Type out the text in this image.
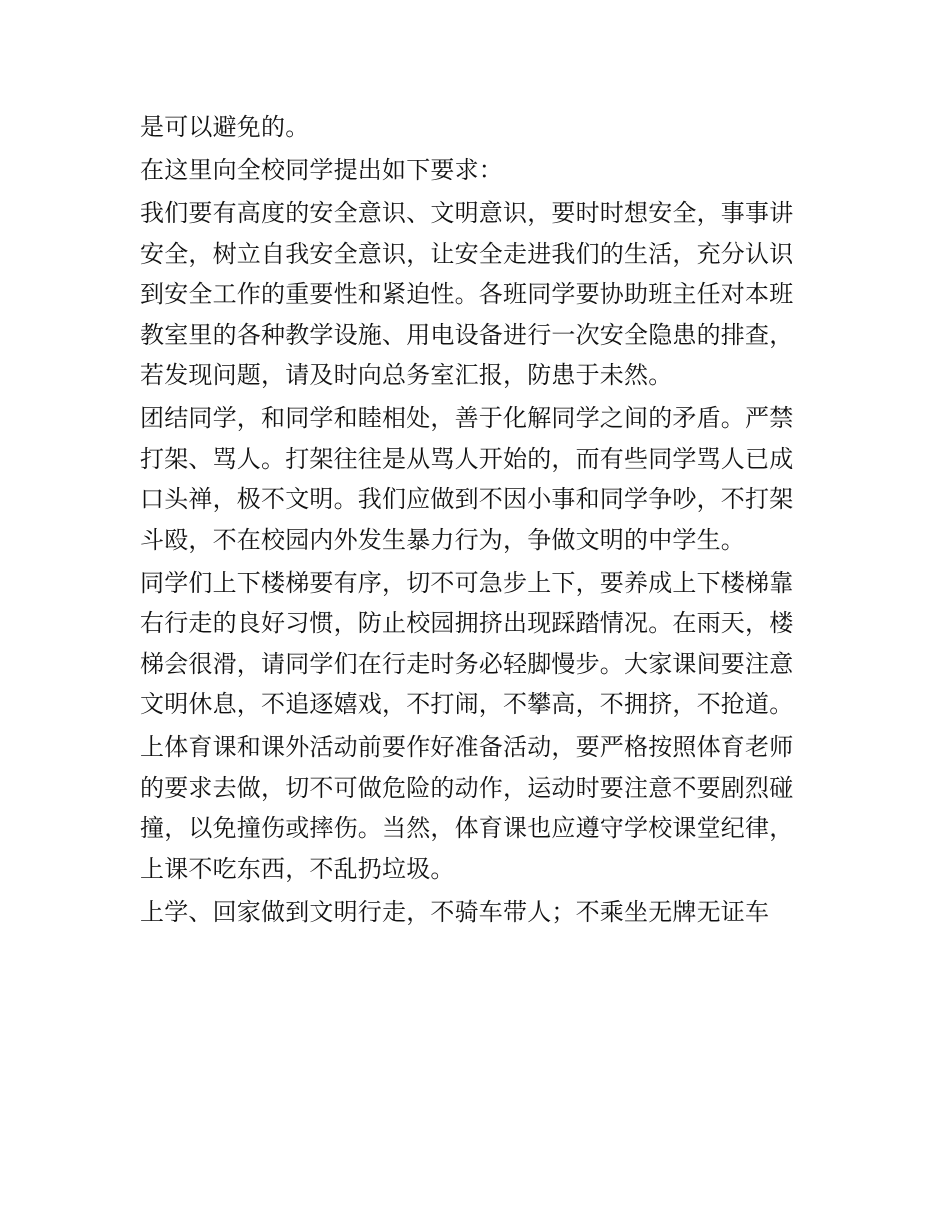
是可以避免的。

在这里向全校同学提出如下要求：

我们要有高度的安全意识、文明意识，要时时想安全，事事讲

安全，树立自我安全意识，让安全走进我们的生活，充分认识

到安全工作的重要性和紧迫性。各班同学要协助班主任对本班

教室里的各种教学设施、用电设备进行一次安全隐患的排查，

若发现问题，请及时向总务室汇报，防患于未然。

团结同学，和同学和睦相处，善于化解同学之间的矛盾。严禁

打架、骂人。打架往往是从骂人开始的，而有些同学骂人已成

口头禅，极不文明。我们应做到不因小事和同学争吵，不打架

斗殴，不在校园内外发生暴力行为，争做文明的中学生。

同学们上下楼梯要有序，切不可急步上下，要养成上下楼梯靠

右行走的良好习惯，防止校园拥挤出现踩踏情况。在雨天，楼

梯会很滑，请同学们在行走时务必轻脚慢步。大家课间要注意

文明休息，不追逐嬉戏，不打闹，不攀高，不拥挤，不抢道。

上体育课和课外活动前要作好准备活动，要严格按照体育老师

的要求去做，切不可做危险的动作，运动时要注意不要剧烈碰

撞，以免撞伤或摔伤。当然，体育课也应遵守学校课堂纪律，

上课不吃东西，不乱扔垃圾。

上学、回家做到文明行走，不骑车带人；不乘坐无牌无证车
